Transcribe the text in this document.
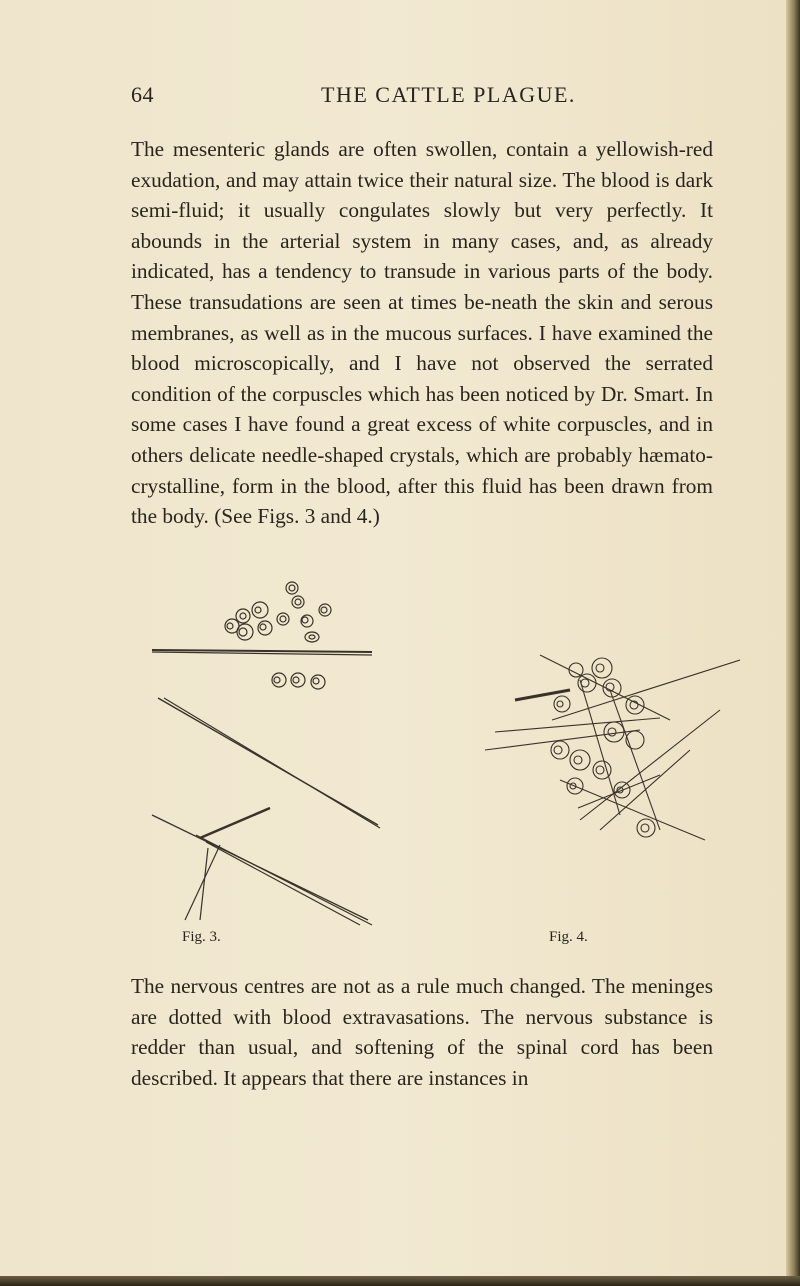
64	THE CATTLE PLAGUE.

The mesenteric glands are often swollen, contain a yellowish-red exudation, and may attain twice their natural size. The blood is dark semi-fluid; it usually congulates slowly but very perfectly. It abounds in the arterial system in many cases, and, as already indicated, has a tendency to transude in various parts of the body. These transudations are seen at times be-neath the skin and serous membranes, as well as in the mucous surfaces. I have examined the blood microscopically, and I have not observed the serrated condition of the corpuscles which has been noticed by Dr. Smart. In some cases I have found a great excess of white corpuscles, and in others delicate needle-shaped crystals, which are probably hæmato-crystalline, form in the blood, after this fluid has been drawn from the body. (See Figs. 3 and 4.)

Fig. 3.	Fig. 4.

The nervous centres are not as a rule much changed. The meninges are dotted with blood extravasations. The nervous substance is redder than usual, and softening of the spinal cord has been described. It appears that there are instances in
